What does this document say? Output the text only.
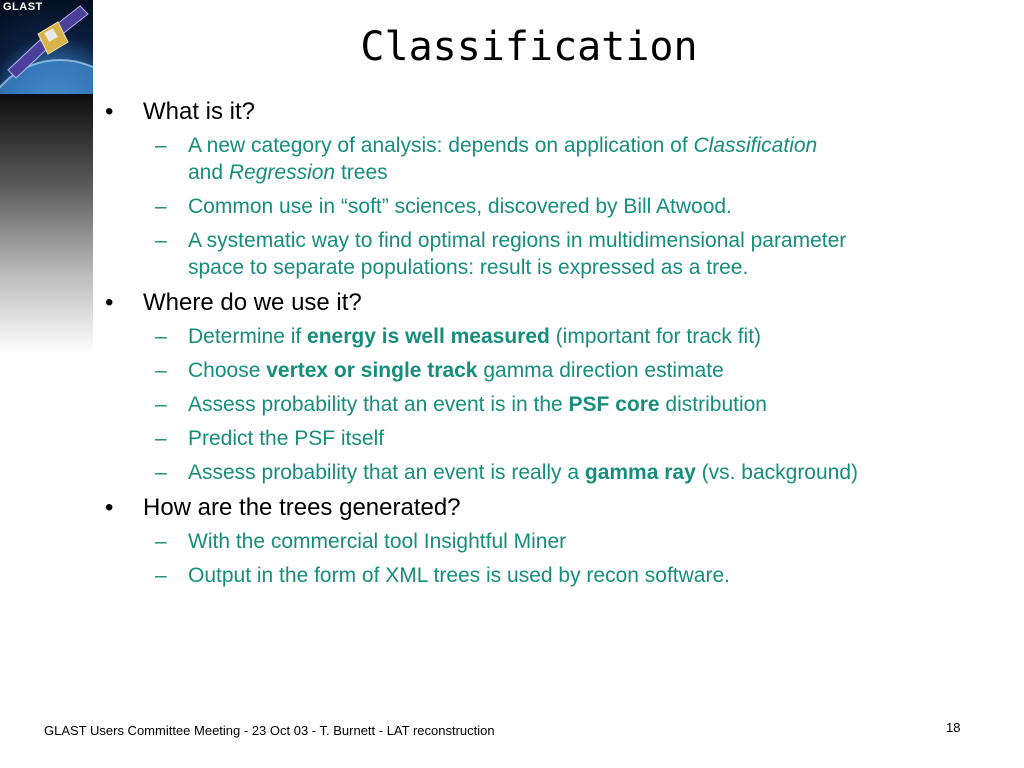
GLAST
Classification
• What is it?
– A new category of analysis: depends on application of Classification
and Regression trees
– Common use in “soft” sciences, discovered by Bill Atwood.
– A systematic way to find optimal regions in multidimensional parameter space to separate populations: result is expressed as a tree.
• Where do we use it?
– Determine if energy is well measured (important for track fit)
– Choose vertex or single track gamma direction estimate
– Assess probability that an event is in the PSF core distribution
– Predict the PSF itself
– Assess probability that an event is really a gamma ray (vs. background)
• How are the trees generated?
– With the commercial tool Insightful Miner
– Output in the form of XML trees is used by recon software.
GLAST Users Committee Meeting - 23 Oct 03 - T. Burnett - LAT reconstruction	18
